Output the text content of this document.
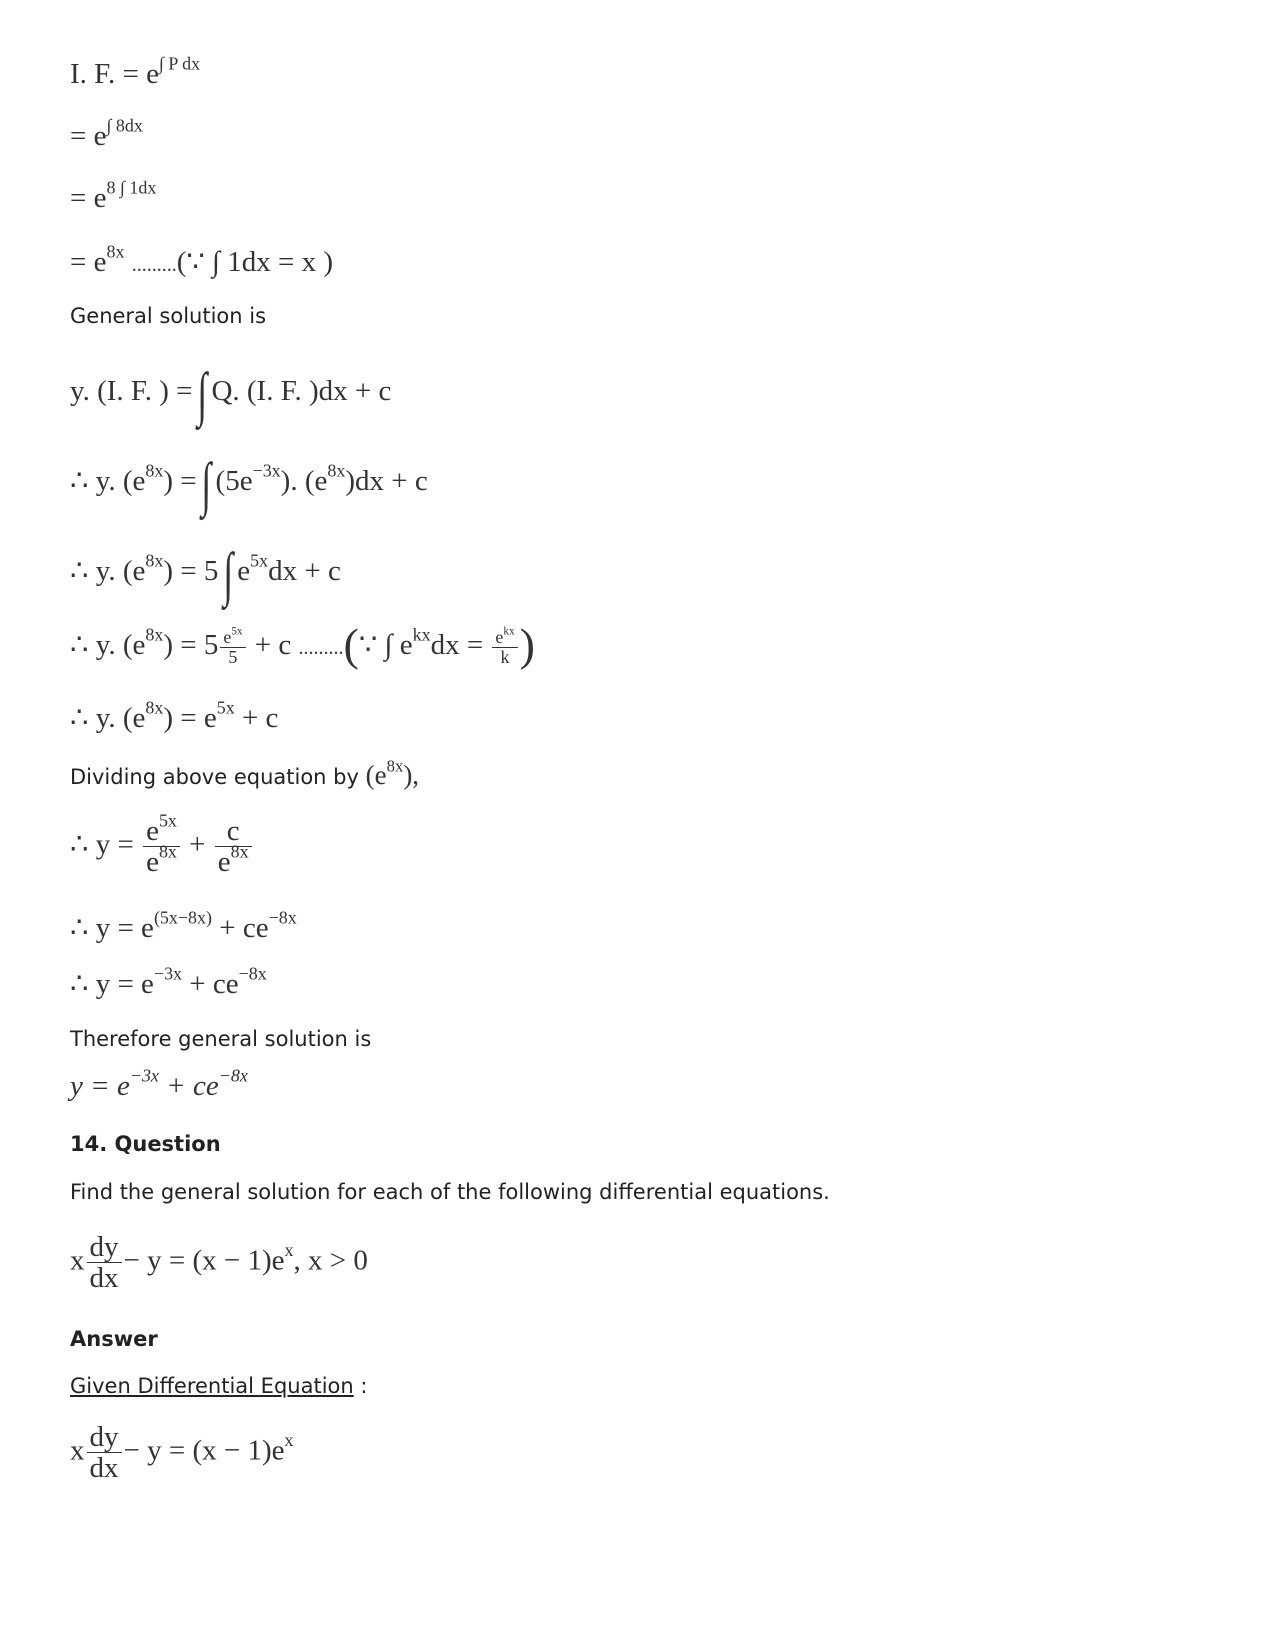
I. F. = $e^{\int P dx}$
= $e^{\int 8dx}$
= $e^{8 \int 1dx}$
= $e^{8x}$ .........(∵ ∫ 1dx = x )
General solution is
y. (I. F. ) = ∫ Q. (I. F. )dx + c
∴ y. $(e^{8x})$ = ∫ $(5e^{-3x})$. $(e^{8x})dx + c$
∴ y. $(e^{8x}) = 5$ ∫ $e^{5x}dx + c$
∴ y. $(e^{8x}) = 5 \frac{e^{5x}}{5} + c$ .........(∵ ∫ $e^{kx}dx = \frac{e^{kx}}{k}$ )
∴ y. $(e^{8x}) = e^{5x} + c$
Dividing above equation by $(e^{8x})$,
∴ $y = \frac{e^{5x}}{e^{8x}} + \frac{c}{e^{8x}}$
∴ $y = e^{(5x-8x)} + ce^{-8x}$
∴ $y = e^{-3x} + ce^{-8x}$
Therefore general solution is
$y = e^{-3x} + ce^{-8x}$
14. Question
Find the general solution for each of the following differential equations.
x $\frac{dy}{dx} - y = (x - 1)e^x$, x > 0
Answer
Given Differential Equation :
x $\frac{dy}{dx} - y = (x - 1)e^x$
